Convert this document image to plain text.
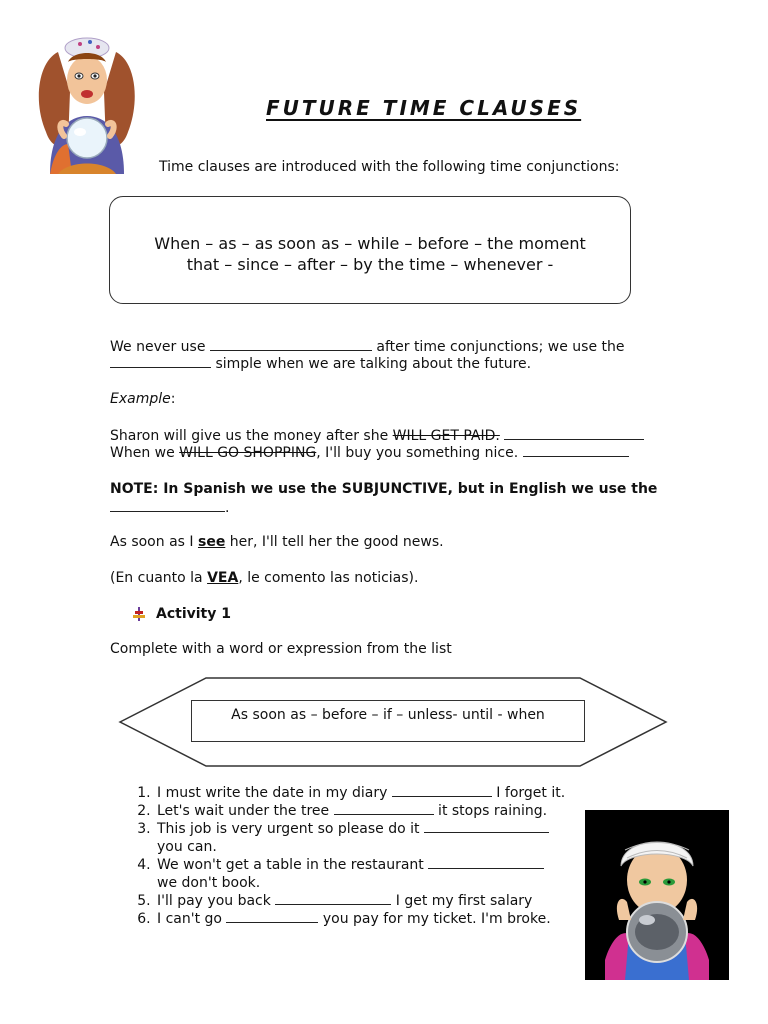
FUTURE TIME CLAUSES
Time clauses are introduced with the following time conjunctions:
When – as – as soon as – while – before – the moment
that – since – after – by the time – whenever -
We never use	after time conjunctions; we use the
simple when we are talking about the future.
Example:
Sharon will give us the money after she WILL GET PAID.
When we WILL GO SHOPPING, I'll buy you something nice.
NOTE: In Spanish we use the SUBJUNCTIVE, but in English we use the
.
As soon as I see her, I'll tell her the good news.
(En cuanto la VEA, le comento las noticias).
Activity 1
Complete with a word or expression from the list
As soon as – before – if – unless- until - when
1. I must write the date in my diary	I forget it.
2. Let's wait under the tree	it stops raining.
3. This job is very urgent so please do it
you can.
4. We won't get a table in the restaurant
we don't book.
5. I'll pay you back	I get my first salary
6. I can't go	you pay for my ticket. I'm broke.
